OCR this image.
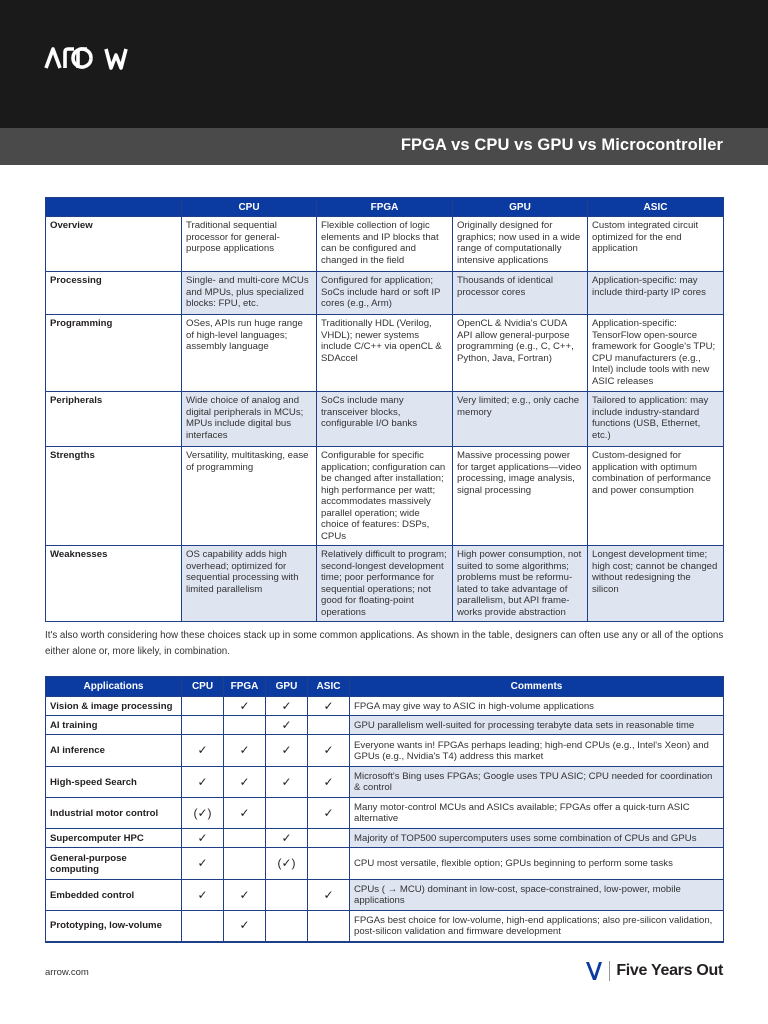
FPGA vs CPU vs GPU vs Microcontroller
	CPU	FPGA	GPU	ASIC
Overview	Traditional sequential processor for general-purpose applications	Flexible collection of logic elements and IP blocks that can be configured and changed in the field	Originally designed for graphics; now used in a wide range of computationally intensive applications	Custom integrated circuit optimized for the end application
Processing	Single- and multi-core MCUs and MPUs, plus specialized blocks: FPU, etc.	Configured for application; SoCs include hard or soft IP cores (e.g., Arm)	Thousands of identical processor cores	Application-specific: may include third-party IP cores
Programming	OSes, APIs run huge range of high-level languages; assembly language	Traditionally HDL (Verilog, VHDL); newer systems include C/C++ via openCL & SDAccel	OpenCL & Nvidia's CUDA API allow general-purpose programming (e.g., C, C++, Python, Java, Fortran)	Application-specific: TensorFlow open-source framework for Google's TPU; CPU manufacturers (e.g., Intel) include tools with new ASIC releases
Peripherals	Wide choice of analog and digital peripherals in MCUs; MPUs include digital bus interfaces	SoCs include many transceiver blocks, configurable I/O banks	Very limited; e.g., only cache memory	Tailored to application: may include industry-standard functions (USB, Ethernet, etc.)
Strengths	Versatility, multitasking, ease of programming	Configurable for specific application; configuration can be changed after installation; high performance per watt; accommodates massively parallel operation; wide choice of features: DSPs, CPUs	Massive processing power for target applications—video processing, image analysis, signal processing	Custom-designed for application with optimum combination of performance and power consumption
Weaknesses	OS capability adds high overhead; optimized for sequential processing with limited parallelism	Relatively difficult to program; second-longest development time; poor performance for sequential operations; not good for floating-point operations	High power consumption, not suited to some algorithms; problems must be reformu-lated to take advantage of parallelism, but API frame-works provide abstraction	Longest development time; high cost; cannot be changed without redesigning the silicon

It's also worth considering how these choices stack up in some common applications. As shown in the table, designers can often use any or all of the options either alone or, more likely, in combination.

Applications	CPU	FPGA	GPU	ASIC	Comments
Vision & image processing		✓	✓	✓	FPGA may give way to ASIC in high-volume applications
AI training			✓		GPU parallelism well-suited for processing terabyte data sets in reasonable time
AI inference	✓	✓	✓	✓	Everyone wants in! FPGAs perhaps leading; high-end CPUs (e.g., Intel's Xeon) and GPUs (e.g., Nvidia's T4) address this market
High-speed Search	✓	✓	✓	✓	Microsoft's Bing uses FPGAs; Google uses TPU ASIC; CPU needed for coordination & control
Industrial motor control	(✓)	✓		✓	Many motor-control MCUs and ASICs available; FPGAs offer a quick-turn ASIC alternative
Supercomputer HPC	✓		✓		Majority of TOP500 supercomputers uses some combination of CPUs and GPUs
General-purpose computing	✓		(✓)		CPU most versatile, flexible option; GPUs beginning to perform some tasks
Embedded control	✓	✓		✓	CPUs ( → MCU) dominant in low-cost, space-constrained, low-power, mobile applications
Prototyping, low-volume		✓			FPGAs best choice for low-volume, high-end applications; also pre-silicon validation, post-silicon validation and firmware development
arrow.com	Five Years Out
